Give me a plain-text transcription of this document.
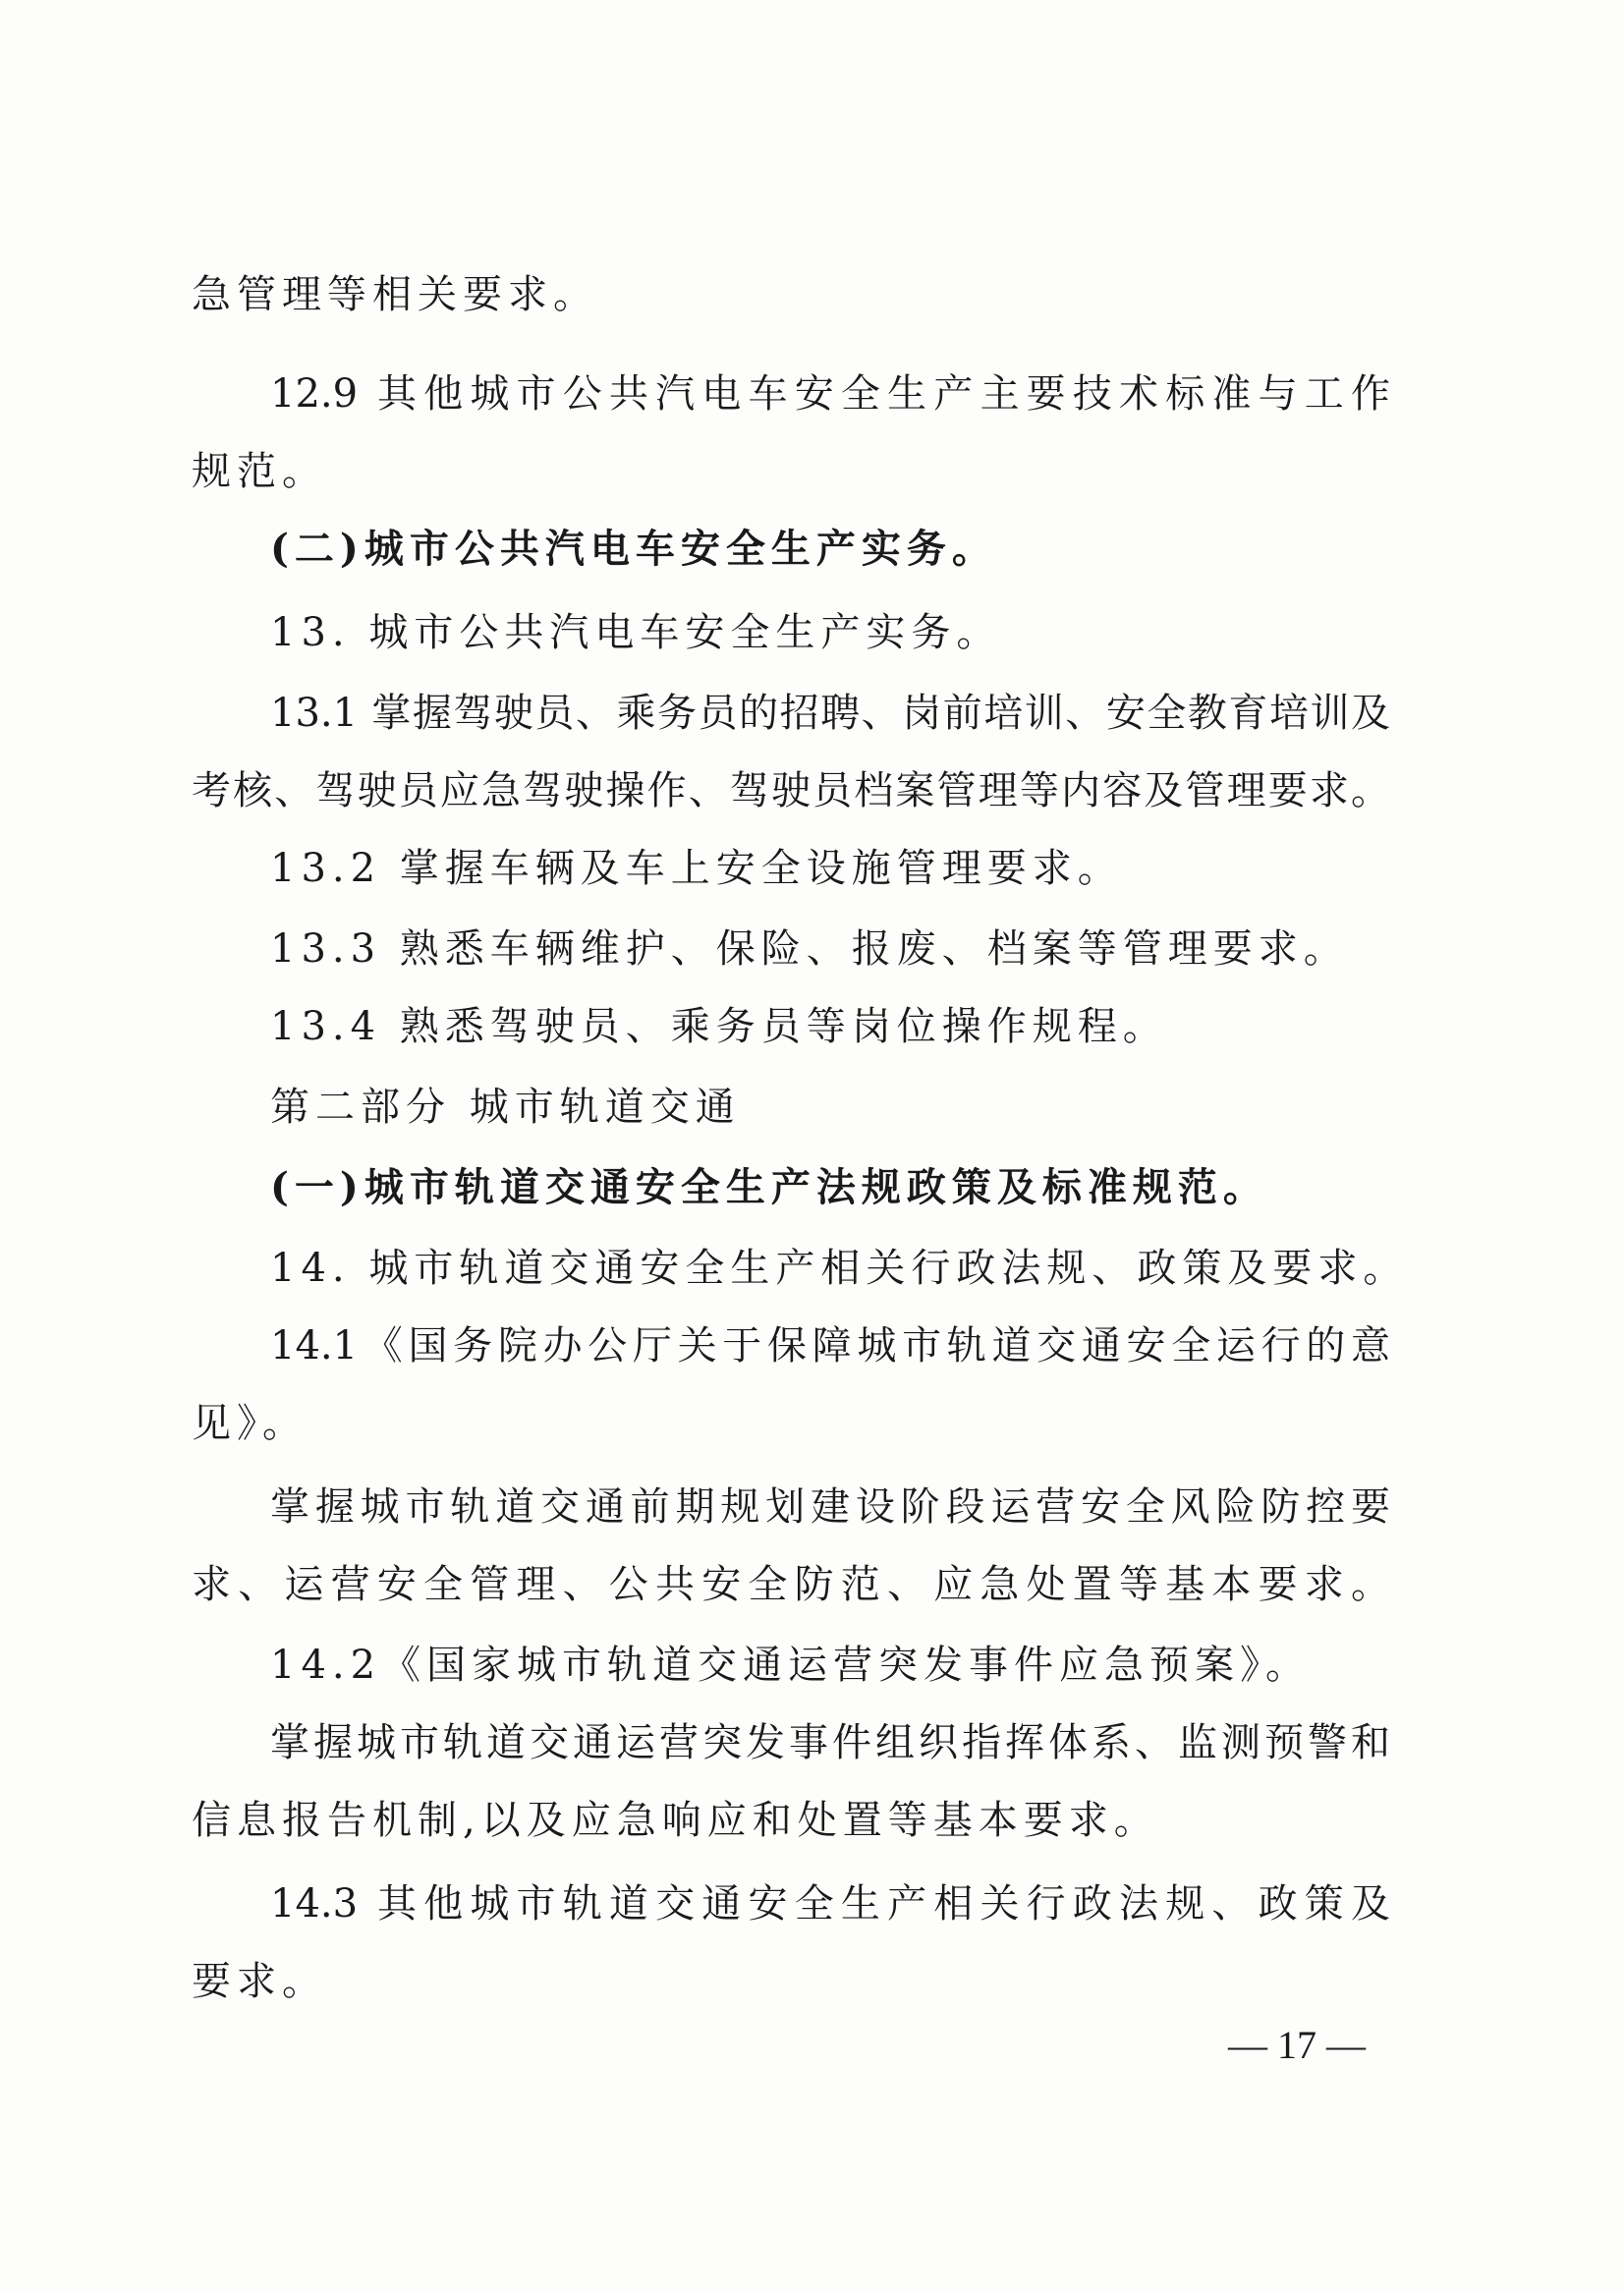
急管理等相关要求。
12.9 其他城市公共汽电车安全生产主要技术标准与工作
规范。
(二)城市公共汽电车安全生产实务。
13. 城市公共汽电车安全生产实务。
13.1 掌握驾驶员、乘务员的招聘、岗前培训、安全教育培训及
考核、驾驶员应急驾驶操作、驾驶员档案管理等内容及管理要求。
13.2 掌握车辆及车上安全设施管理要求。
13.3 熟悉车辆维护、保险、报废、档案等管理要求。
13.4 熟悉驾驶员、乘务员等岗位操作规程。
第二部分 城市轨道交通
(一)城市轨道交通安全生产法规政策及标准规范。
14. 城市轨道交通安全生产相关行政法规、政策及要求。
14.1《国务院办公厅关于保障城市轨道交通安全运行的意
见》。
掌握城市轨道交通前期规划建设阶段运营安全风险防控要
求、运营安全管理、公共安全防范、应急处置等基本要求。
14.2《国家城市轨道交通运营突发事件应急预案》。
掌握城市轨道交通运营突发事件组织指挥体系、监测预警和
信息报告机制,以及应急响应和处置等基本要求。
14.3 其他城市轨道交通安全生产相关行政法规、政策及
要求。
— 17 —
